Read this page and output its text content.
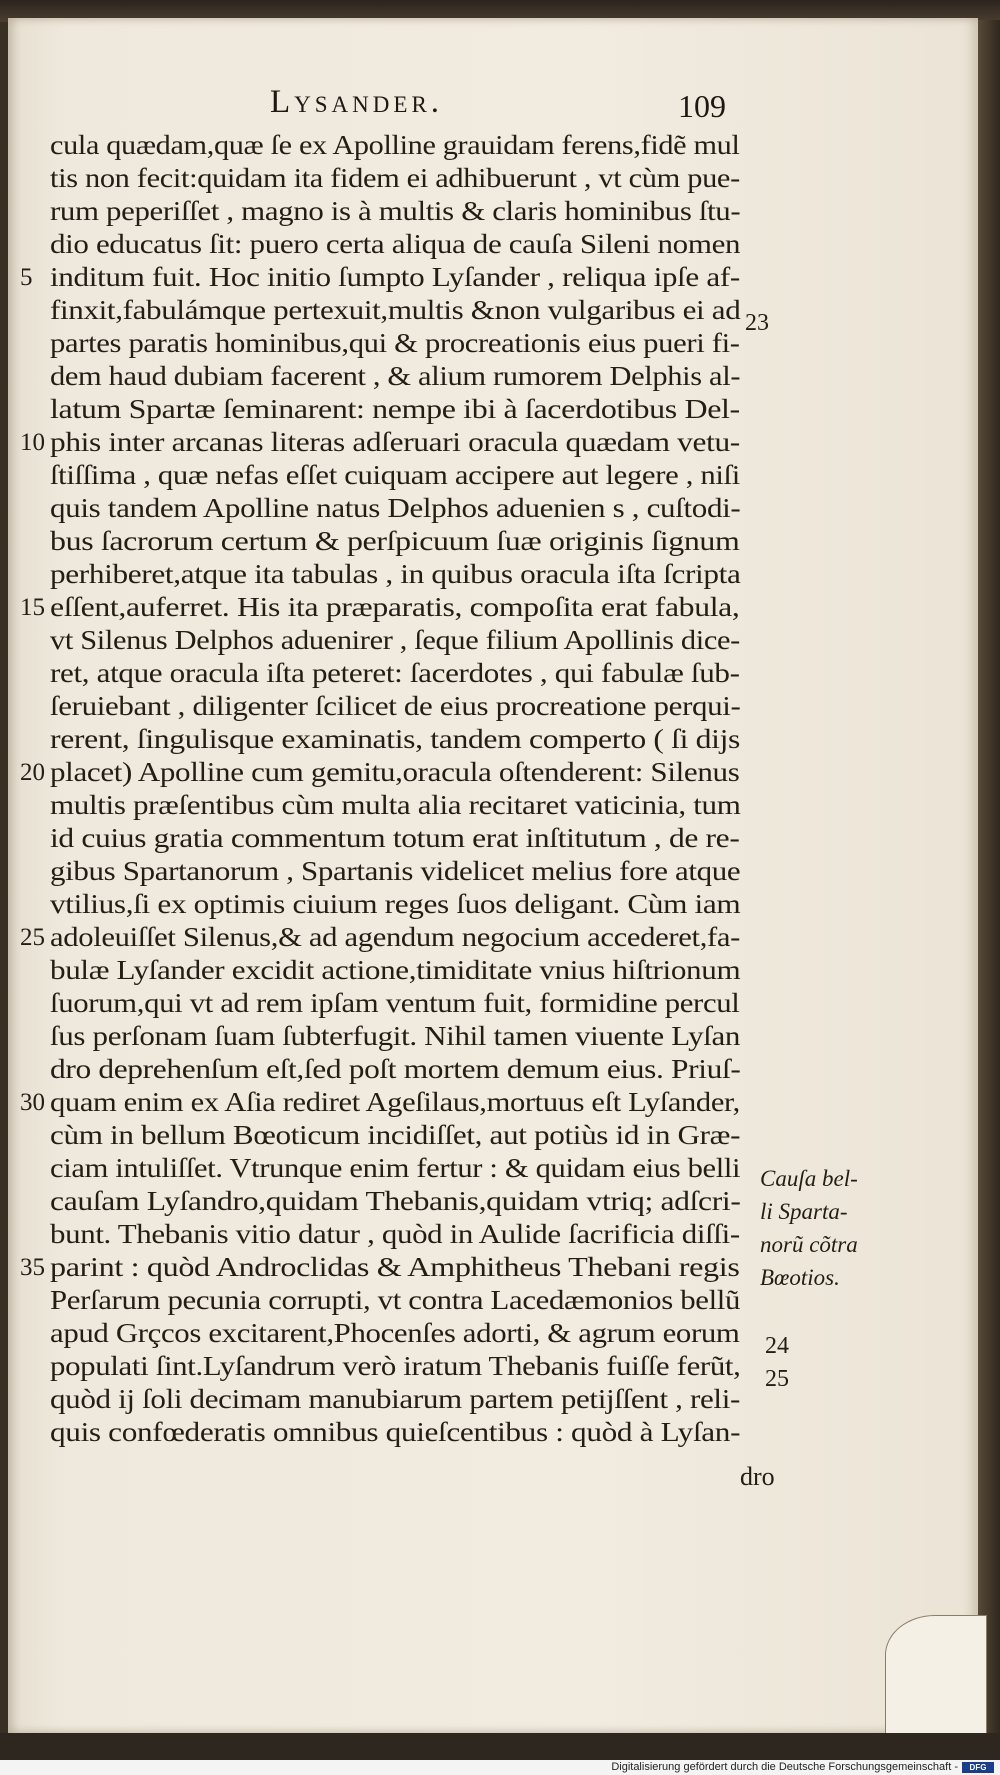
Lysander.	109
cula quædam,quæ ſe ex Apolline grauidam ferens,fidẽ mul
tis non fecit:quidam ita fidem ei adhibuerunt , vt cùm pue-
rum peperiſſet , magno is à multis & claris hominibus ſtu-
dio educatus ſit: puero certa aliqua de cauſa Sileni nomen
inditum fuit. Hoc initio ſumpto Lyſander , reliqua ipſe af-
finxit,fabulámque pertexuit,multis &non vulgaribus ei ad
partes paratis hominibus,qui & procreationis eius pueri fi-
dem haud dubiam facerent , & alium rumorem Delphis al-
latum Spartæ ſeminarent: nempe ibi à ſacerdotibus Del-
phis inter arcanas literas adſeruari oracula quædam vetu-
ſtiſſima , quæ nefas eſſet cuiquam accipere aut legere , niſi
quis tandem Apolline natus Delphos aduenien s , cuſtodi-
bus ſacrorum certum & perſpicuum ſuæ originis ſignum
perhiberet,atque ita tabulas , in quibus oracula iſta ſcripta
eſſent,auferret. His ita præparatis, compoſita erat fabula,
vt Silenus Delphos aduenirer , ſeque filium Apollinis dice-
ret, atque oracula iſta peteret: ſacerdotes , qui fabulæ ſub-
ſeruiebant , diligenter ſcilicet de eius procreatione perqui-
rerent, ſingulisque examinatis, tandem comperto ( ſi dijs
placet) Apolline cum gemitu,oracula oſtenderent: Silenus
multis præſentibus cùm multa alia recitaret vaticinia, tum
id cuius gratia commentum totum erat inſtitutum , de re-
gibus Spartanorum , Spartanis videlicet melius fore atque
vtilius,ſi ex optimis ciuium reges ſuos deligant. Cùm iam
adoleuiſſet Silenus,& ad agendum negocium accederet,fa-
bulæ Lyſander excidit actione,timiditate vnius hiſtrionum
ſuorum,qui vt ad rem ipſam ventum fuit, formidine percul
ſus perſonam ſuam ſubterfugit. Nihil tamen viuente Lyſan
dro deprehenſum eſt,ſed poſt mortem demum eius. Priuſ-
quam enim ex Aſia rediret Ageſilaus,mortuus eſt Lyſander,
cùm in bellum Bœoticum incidiſſet, aut potiùs id in Græ-
ciam intuliſſet. Vtrunque enim fertur : & quidam eius belli
cauſam Lyſandro,quidam Thebanis,quidam vtriq; adſcri-
bunt. Thebanis vitio datur , quòd in Aulide ſacrificia diſſi-
parint : quòd Androclidas & Amphitheus Thebani regis
Perſarum pecunia corrupti, vt contra Lacedæmonios bellũ
apud Grçcos excitarent,Phocenſes adorti, & agrum eorum
populati ſint.Lyſandrum verò iratum Thebanis fuiſſe ferũt,
quòd ij ſoli decimam manubiarum partem petijſſent , reli-
quis confœderatis omnibus quieſcentibus : quòd à Lyſan-
5
10
15
20
25
30
35
23
24
25
Cauſa bel-
li Sparta-
norũ cõtra
Bœotios.
dro
Digitalisierung gefördert durch die Deutsche Forschungsgemeinschaft -	DFG
